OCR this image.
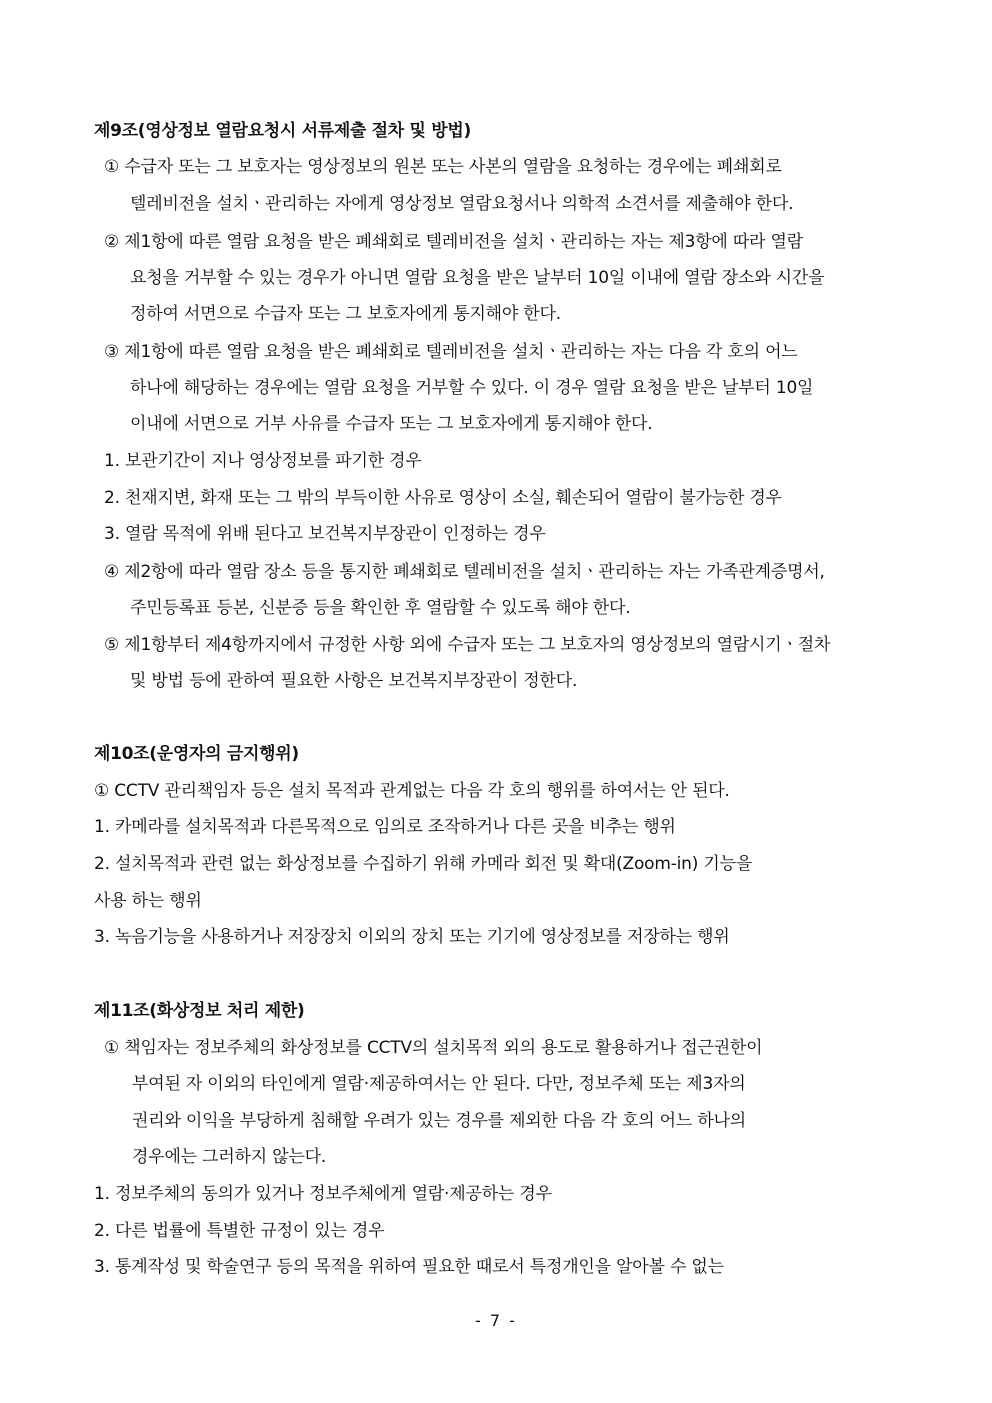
제9조(영상정보 열람요청시 서류제출 절차 및 방법)
① 수급자 또는 그 보호자는 영상정보의 원본 또는 사본의 열람을 요청하는 경우에는 폐쇄회로
텔레비전을 설치ㆍ관리하는 자에게 영상정보 열람요청서나 의학적 소견서를 제출해야 한다.
② 제1항에 따른 열람 요청을 받은 폐쇄회로 텔레비전을 설치ㆍ관리하는 자는 제3항에 따라 열람
요청을 거부할 수 있는 경우가 아니면 열람 요청을 받은 날부터 10일 이내에 열람 장소와 시간을
정하여 서면으로 수급자 또는 그 보호자에게 통지해야 한다.
③ 제1항에 따른 열람 요청을 받은 폐쇄회로 텔레비전을 설치ㆍ관리하는 자는 다음 각 호의 어느
하나에 해당하는 경우에는 열람 요청을 거부할 수 있다. 이 경우 열람 요청을 받은 날부터 10일
이내에 서면으로 거부 사유를 수급자 또는 그 보호자에게 통지해야 한다.
1. 보관기간이 지나 영상정보를 파기한 경우
2. 천재지변, 화재 또는 그 밖의 부득이한 사유로 영상이 소실, 훼손되어 열람이 불가능한 경우
3. 열람 목적에 위배 된다고 보건복지부장관이 인정하는 경우
④ 제2항에 따라 열람 장소 등을 통지한 폐쇄회로 텔레비전을 설치ㆍ관리하는 자는 가족관계증명서,
주민등록표 등본, 신분증 등을 확인한 후 열람할 수 있도록 해야 한다.
⑤ 제1항부터 제4항까지에서 규정한 사항 외에 수급자 또는 그 보호자의 영상정보의 열람시기ㆍ절차
및 방법 등에 관하여 필요한 사항은 보건복지부장관이 정한다.
제10조(운영자의 금지행위)
① CCTV 관리책임자 등은 설치 목적과 관계없는 다음 각 호의 행위를 하여서는 안 된다.
1. 카메라를 설치목적과 다른목적으로 임의로 조작하거나 다른 곳을 비추는 행위
2. 설치목적과 관련 없는 화상정보를 수집하기 위해 카메라 회전 및 확대(Zoom-in) 기능을
사용 하는 행위
3. 녹음기능을 사용하거나 저장장치 이외의 장치 또는 기기에 영상정보를 저장하는 행위
제11조(화상정보 처리 제한)
① 책임자는 정보주체의 화상정보를 CCTV의 설치목적 외의 용도로 활용하거나 접근권한이
부여된 자 이외의 타인에게 열람·제공하여서는 안 된다. 다만, 정보주체 또는 제3자의
권리와 이익을 부당하게 침해할 우려가 있는 경우를 제외한 다음 각 호의 어느 하나의
경우에는 그러하지 않는다.
1. 정보주체의 동의가 있거나 정보주체에게 열람·제공하는 경우
2. 다른 법률에 특별한 규정이 있는 경우
3. 통계작성 및 학술연구 등의 목적을 위하여 필요한 때로서 특정개인을 알아볼 수 없는
- 7 -
